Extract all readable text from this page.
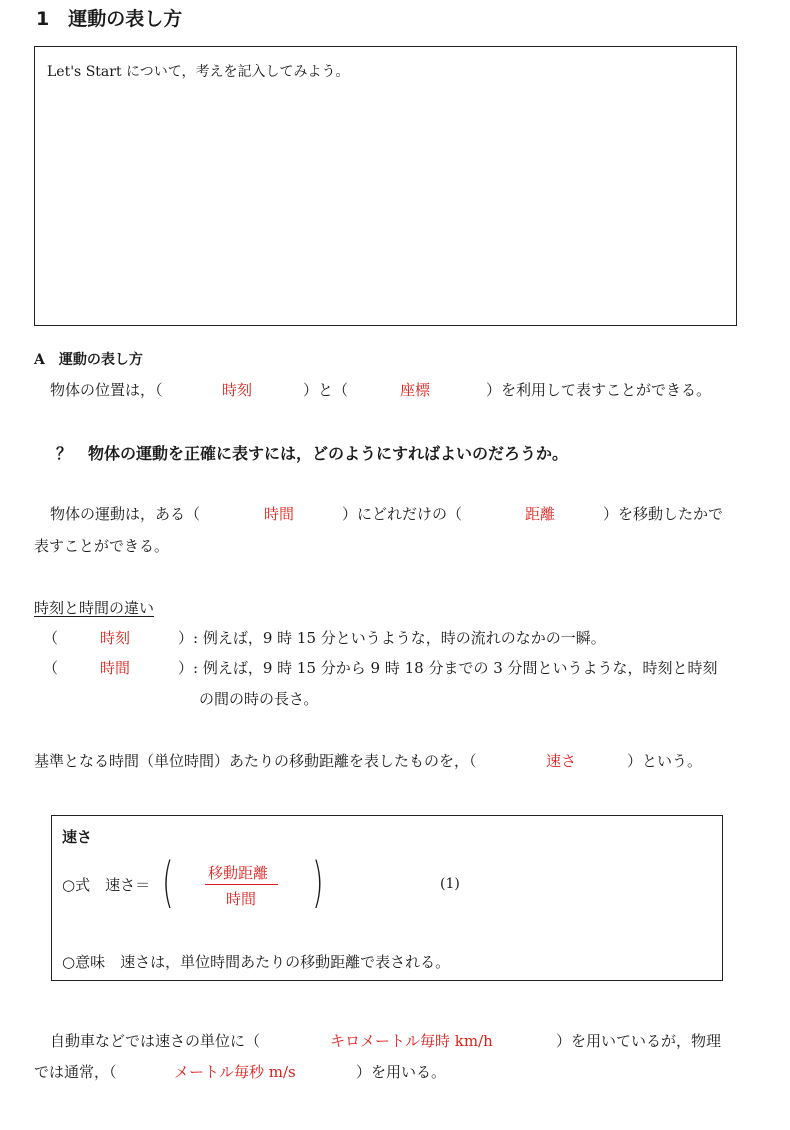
1　運動の表し方
Let's Start について，考えを記入してみよう。
A　運動の表し方
物体の位置は，（	時刻	）と（	座標	）を利用して表すことができる。
？　物体の運動を正確に表すには，どのようにすればよいのだろうか。
物体の運動は，ある（	時間	）にどれだけの（	距離	）を移動したかで
表すことができる。
時刻と時間の違い
（	時刻	）: 例えば，9 時 15 分というような，時の流れのなかの一瞬。
（	時間	）: 例えば，9 時 15 分から 9 時 18 分までの 3 分間というような，時刻と時刻
の間の時の長さ。
基準となる時間（単位時間）あたりの移動距離を表したものを，（	速さ	）という。
速さ
○式　速さ＝ ( 移動距離
時間 )	(1)
○意味　速さは，単位時間あたりの移動距離で表される。
自動車などでは速さの単位に（	キロメートル毎時 km/h	）を用いているが，物理
では通常，（	メートル毎秒 m/s	）を用いる。
